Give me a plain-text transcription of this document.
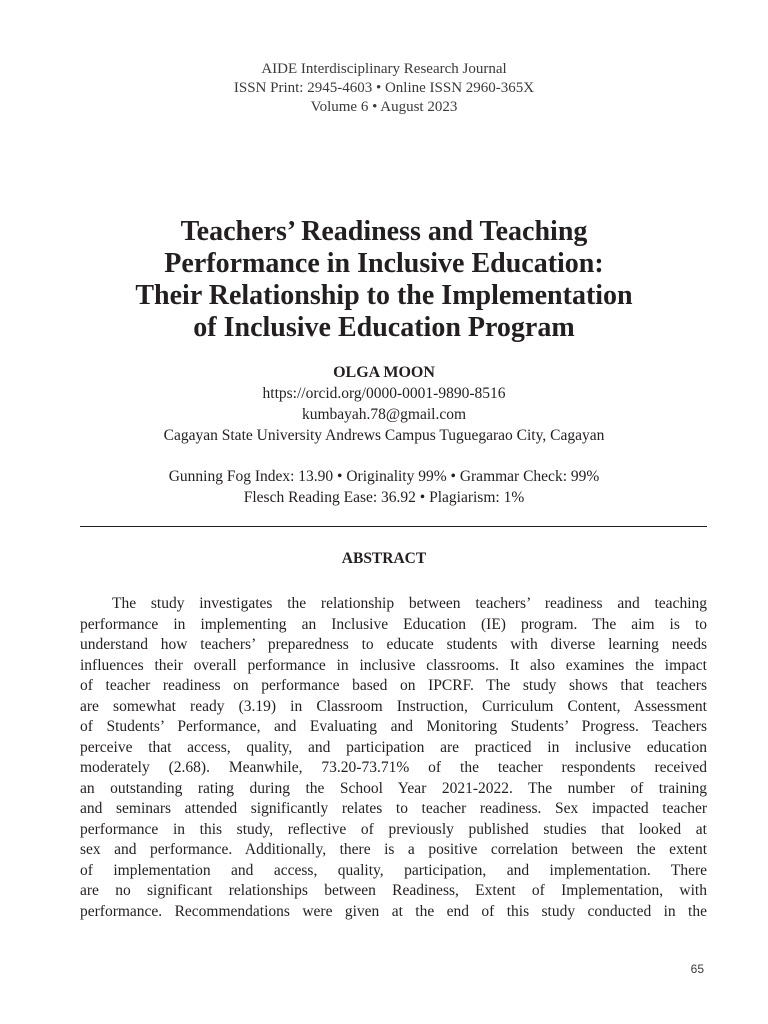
AIDE Interdisciplinary Research Journal
ISSN Print: 2945-4603 • Online ISSN 2960-365X
Volume 6 • August 2023
Teachers’ Readiness and Teaching
Performance in Inclusive Education:
Their Relationship to the Implementation
of Inclusive Education Program
OLGA MOON
https://orcid.org/0000-0001-9890-8516
kumbayah.78@gmail.com
Cagayan State University Andrews Campus Tuguegarao City, Cagayan
Gunning Fog Index: 13.90 • Originality 99% • Grammar Check: 99%
Flesch Reading Ease: 36.92 • Plagiarism: 1%
ABSTRACT
The study investigates the relationship between teachers’ readiness and teaching
performance in implementing an Inclusive Education (IE) program. The aim is to
understand how teachers’ preparedness to educate students with diverse learning needs
influences their overall performance in inclusive classrooms. It also examines the impact
of teacher readiness on performance based on IPCRF. The study shows that teachers
are somewhat ready (3.19) in Classroom Instruction, Curriculum Content, Assessment
of Students’ Performance, and Evaluating and Monitoring Students’ Progress. Teachers
perceive that access, quality, and participation are practiced in inclusive education
moderately (2.68). Meanwhile, 73.20-73.71% of the teacher respondents received
an outstanding rating during the School Year 2021-2022. The number of training
and seminars attended significantly relates to teacher readiness. Sex impacted teacher
performance in this study, reflective of previously published studies that looked at
sex and performance. Additionally, there is a positive correlation between the extent
of implementation and access, quality, participation, and implementation. There
are no significant relationships between Readiness, Extent of Implementation, with
performance. Recommendations were given at the end of this study conducted in the
65
